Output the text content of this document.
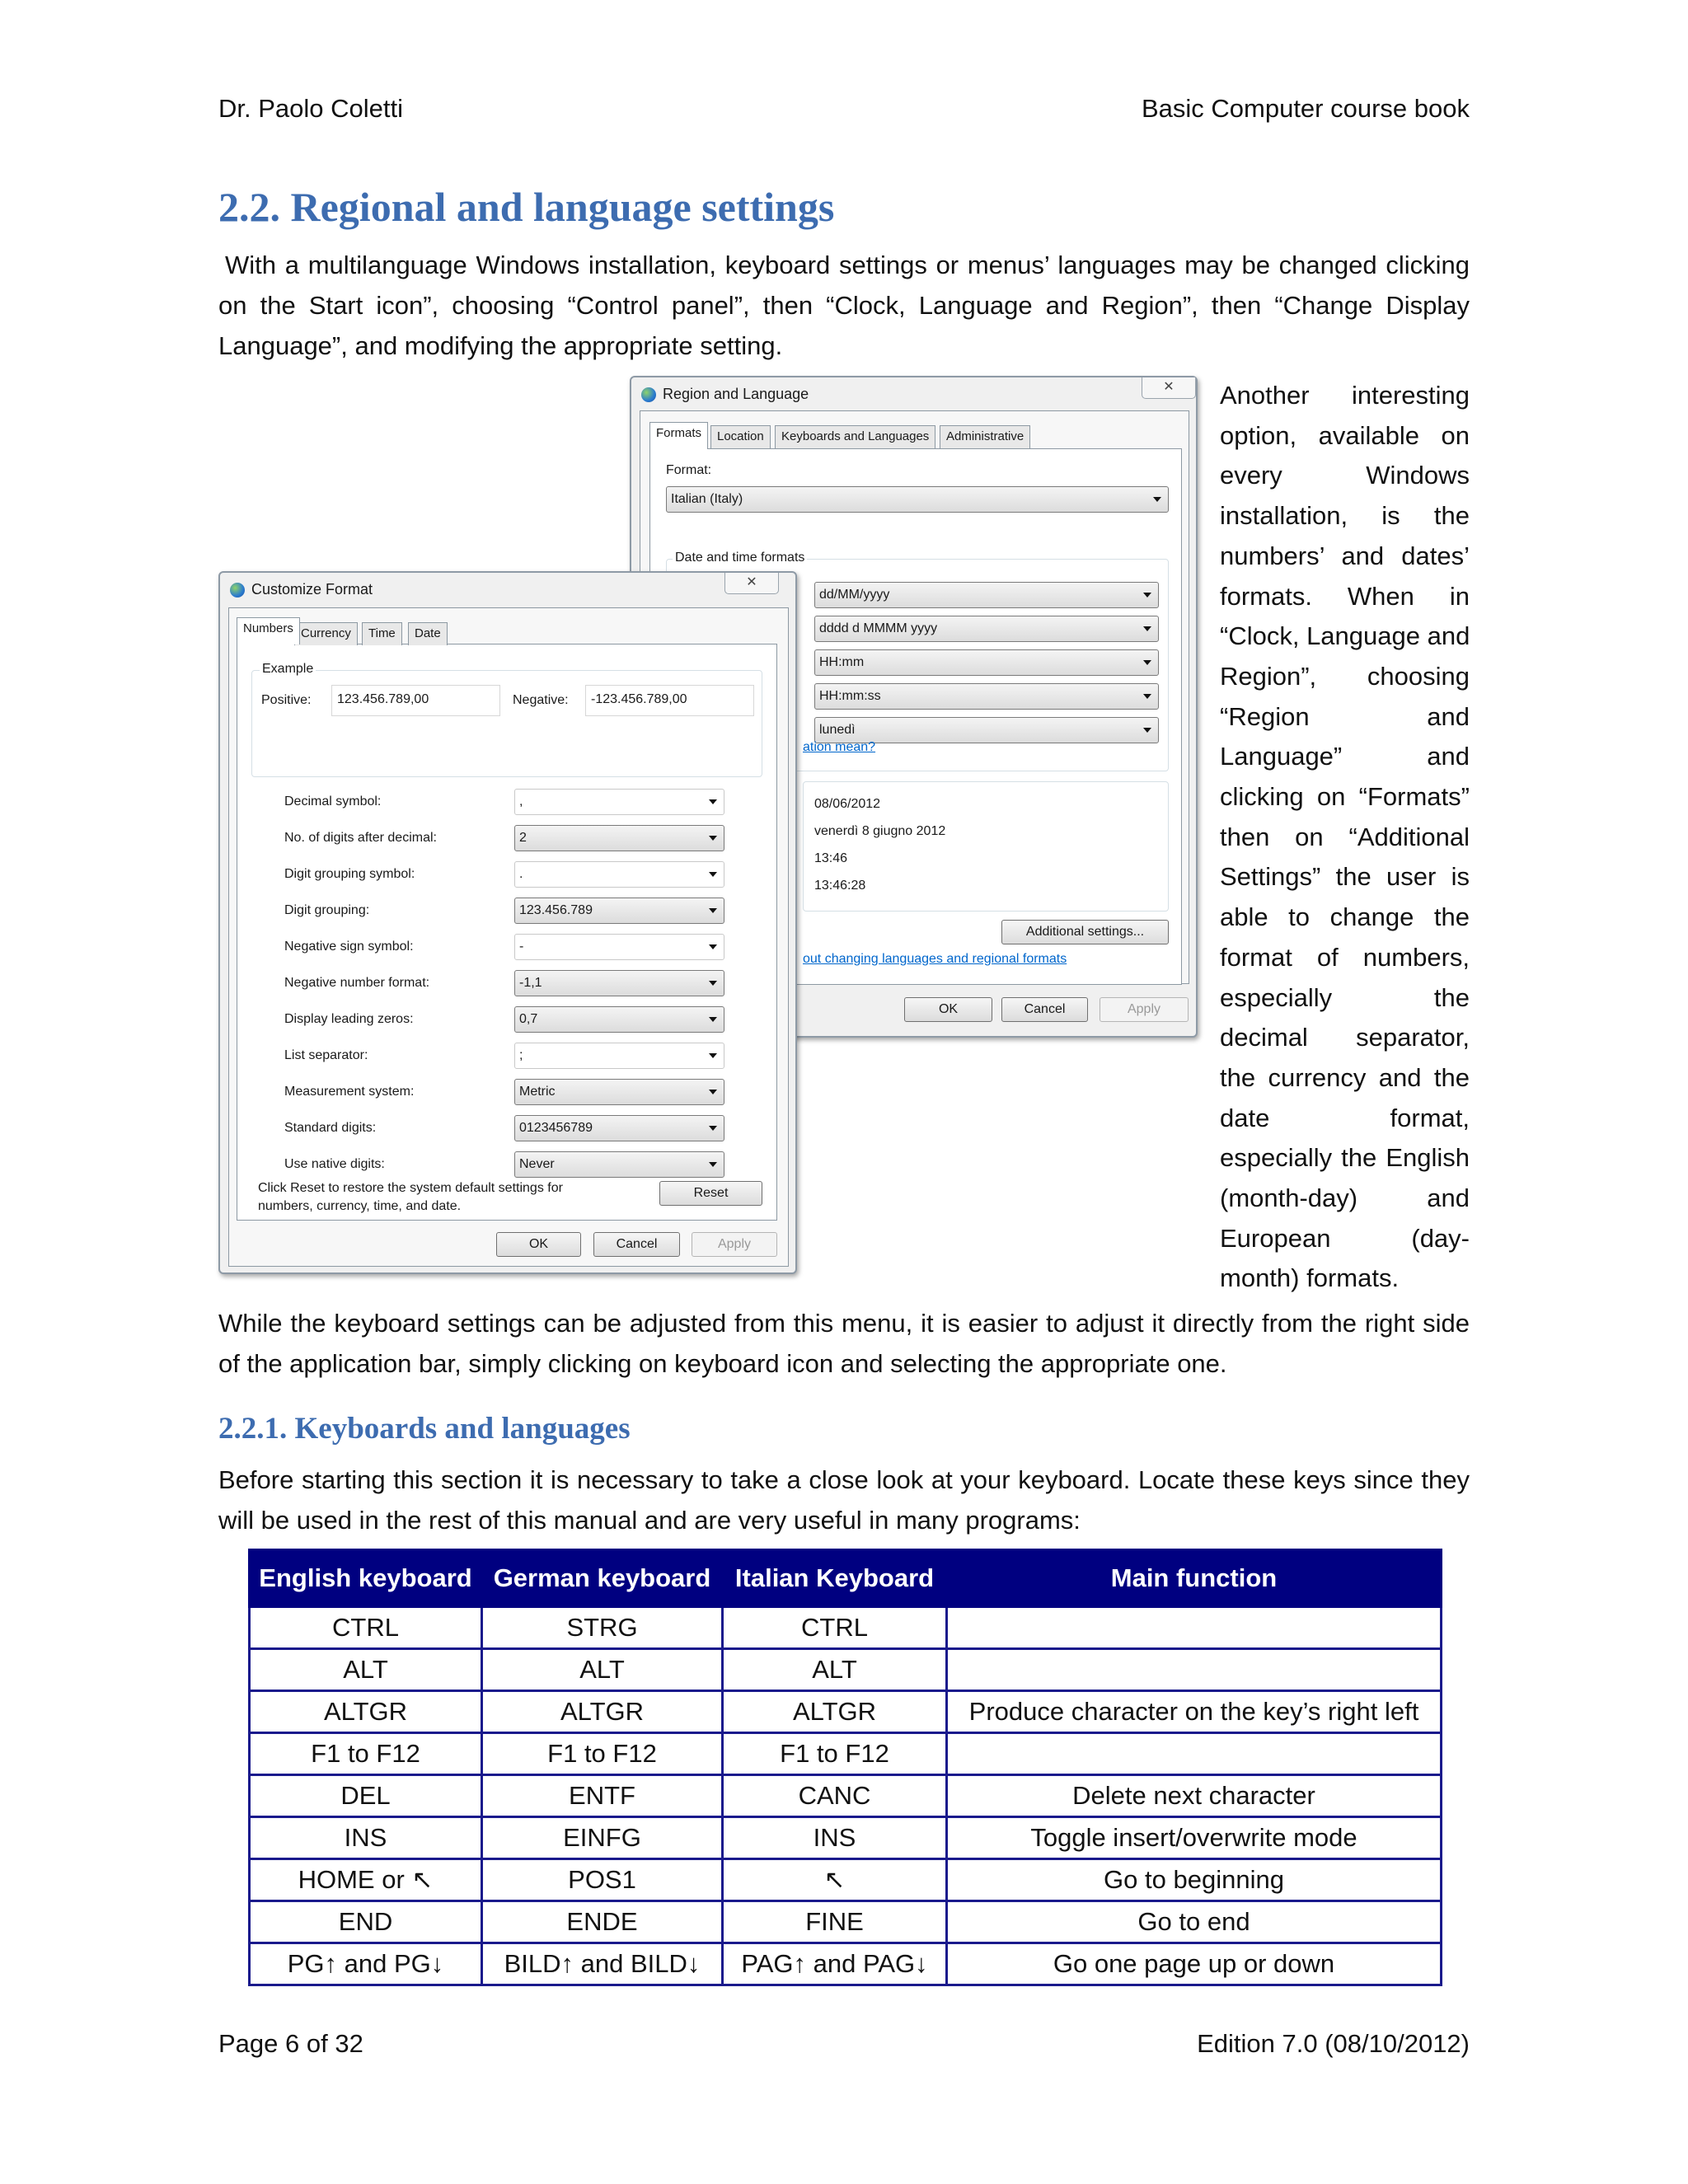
Dr. Paolo Coletti	Basic Computer course book
2.2. Regional and language settings

With a multilanguage Windows installation, keyboard settings or menus’ languages may be changed clicking on the Start icon”, choosing “Control panel”, then “Clock, Language and Region”, then “Change Display Language”, and modifying the appropriate setting.

Another interesting
option, available on
every Windows
installation, is the
numbers’ and dates’
formats. When in
“Clock, Language and
Region”, choosing
“Region and
Language” and
clicking on “Formats”
then on “Additional
Settings” the user is
able to change the
format of numbers,
especially the
decimal separator,
the currency and the
date format,
especially the English
(month-day) and
European (day-
month) formats.
Region and Language	✕
Formats	Location	Keyboards and Languages	Administrative
Format:
Italian (Italy)
Date and time formats
dd/MM/yyyy
dddd d MMMM yyyy
HH:mm
HH:mm:ss
lunedì
ation mean?
08/06/2012
venerdì 8 giugno 2012
13:46
13:46:28
Additional settings...
out changing languages and regional formats
OK	Cancel	Apply
Customize Format	✕
Numbers Currency	Time	Date
Example
Positive:	123.456.789,00	Negative:	-123.456.789,00
Decimal symbol:	,
No. of digits after decimal:	2
Digit grouping symbol:	.
Digit grouping:	123.456.789
Negative sign symbol:	-
Negative number format:	-1,1
Display leading zeros:	0,7
List separator:	;
Measurement system:	Metric
Standard digits:	0123456789
Use native digits:	Never
Click Reset to restore the system default settings for
numbers, currency, time, and date.
Reset
OK	Cancel	Apply

While the keyboard settings can be adjusted from this menu, it is easier to adjust it directly from the right side of the application bar, simply clicking on keyboard icon and selecting the appropriate one.

2.2.1. Keyboards and languages

Before starting this section it is necessary to take a close look at your keyboard. Locate these keys since they will be used in the rest of this manual and are very useful in many programs:

English keyboard	German keyboard	Italian Keyboard	Main function
CTRL	STRG	CTRL	
ALT	ALT	ALT	
ALTGR	ALTGR	ALTGR	Produce character on the key’s right left
F1 to F12	F1 to F12	F1 to F12	
DEL	ENTF	CANC	Delete next character
INS	EINFG	INS	Toggle insert/overwrite mode
HOME or ↖	POS1	↖	Go to beginning
END	ENDE	FINE	Go to end
PG↑ and PG↓	BILD↑ and BILD↓	PAG↑ and PAG↓	Go one page up or down
Page 6 of 32	Edition 7.0 (08/10/2012)
